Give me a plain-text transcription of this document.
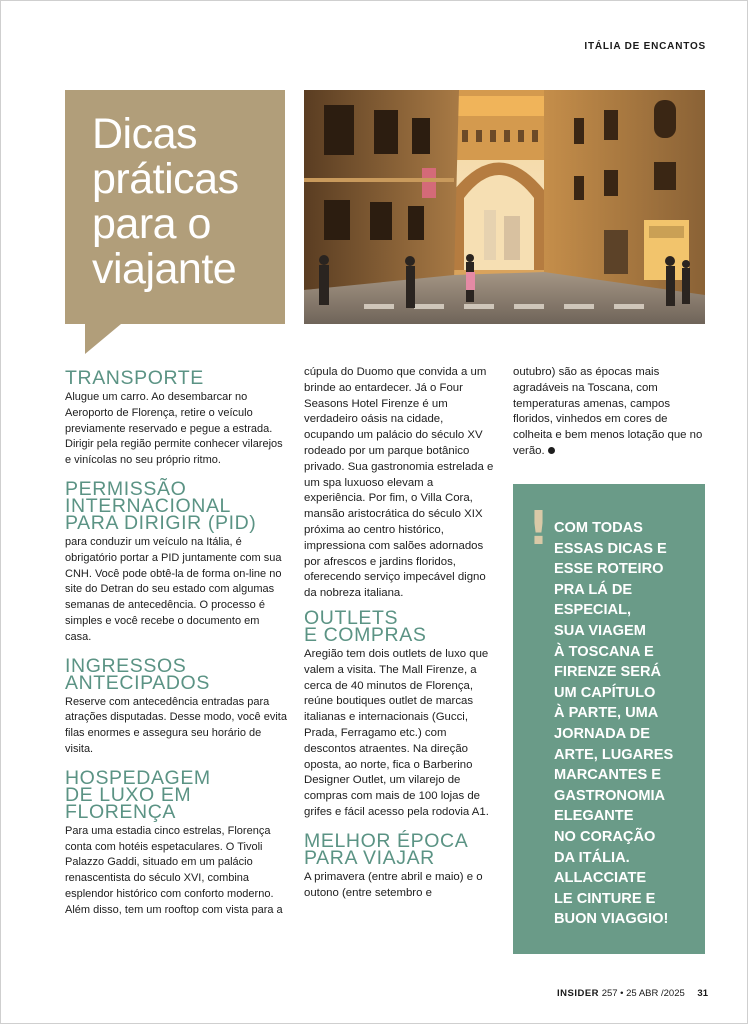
ITÁLIA DE ENCANTOS
Dicas
práticas
para o
viajante
TRANSPORTE

Alugue um carro. Ao desembarcar no Aeroporto de Florença, retire o veículo previamente reservado e pegue a estrada. Dirigir pela região permite conhecer vilarejos e vinícolas no seu próprio ritmo.

PERMISSÃO
INTERNACIONAL
PARA DIRIGIR (PID)

para conduzir um veículo na Itália, é obrigatório portar a PID juntamente com sua CNH. Você pode obtê-la de forma on-line no site do Detran do seu estado com algumas semanas de antecedência. O processo é simples e você recebe o documento em casa.

INGRESSOS
ANTECIPADOS

Reserve com antecedência entradas para atrações disputadas. Desse modo, você evita filas enormes e assegura seu horário de visita.

HOSPEDAGEM
DE LUXO EM
FLORENÇA

Para uma estadia cinco estrelas, Florença conta com hotéis espetaculares. O Tivoli Palazzo Gaddi, situado em um palácio renascentista do século XVI, combina esplendor histórico com conforto moderno. Além disso, tem um rooftop com vista para a

cúpula do Duomo que convida a um brinde ao entardecer. Já o Four Seasons Hotel Firenze é um verdadeiro oásis na cidade, ocupando um palácio do século XV rodeado por um parque botânico privado. Sua gastronomia estrelada e um spa luxuoso elevam a experiência. Por fim, o Villa Cora, mansão aristocrática do século XIX próxima ao centro histórico, impressiona com salões adornados por afrescos e jardins floridos, oferecendo serviço impecável digno da nobreza italiana.

OUTLETS
E COMPRAS

Aregião tem dois outlets de luxo que valem a visita. The Mall Firenze, a cerca de 40 minutos de Florença, reúne boutiques outlet de marcas italianas e internacionais (Gucci, Prada, Ferragamo etc.) com descontos atraentes. Na direção oposta, ao norte, fica o Barberino Designer Outlet, um vilarejo de compras com mais de 100 lojas de grifes e fácil acesso pela rodovia A1.

MELHOR ÉPOCA
PARA VIAJAR

A primavera (entre abril e maio) e o outono (entre setembro e

outubro) são as épocas mais agradáveis na Toscana, com temperaturas amenas, campos floridos, vinhedos em cores de colheita e bem menos lotação que no verão.

! COM TODAS
ESSAS DICAS E
ESSE ROTEIRO
PRA LÁ DE
ESPECIAL,
SUA VIAGEM
À TOSCANA E
FIRENZE SERÁ
UM CAPÍTULO
À PARTE, UMA
JORNADA DE
ARTE, LUGARES
MARCANTES E
GASTRONOMIA
ELEGANTE
NO CORAÇÃO
DA ITÁLIA.
ALLACCIATE
LE CINTURE E
BUON VIAGGIO!

INSIDER 257 • 25 ABR /2025 31
